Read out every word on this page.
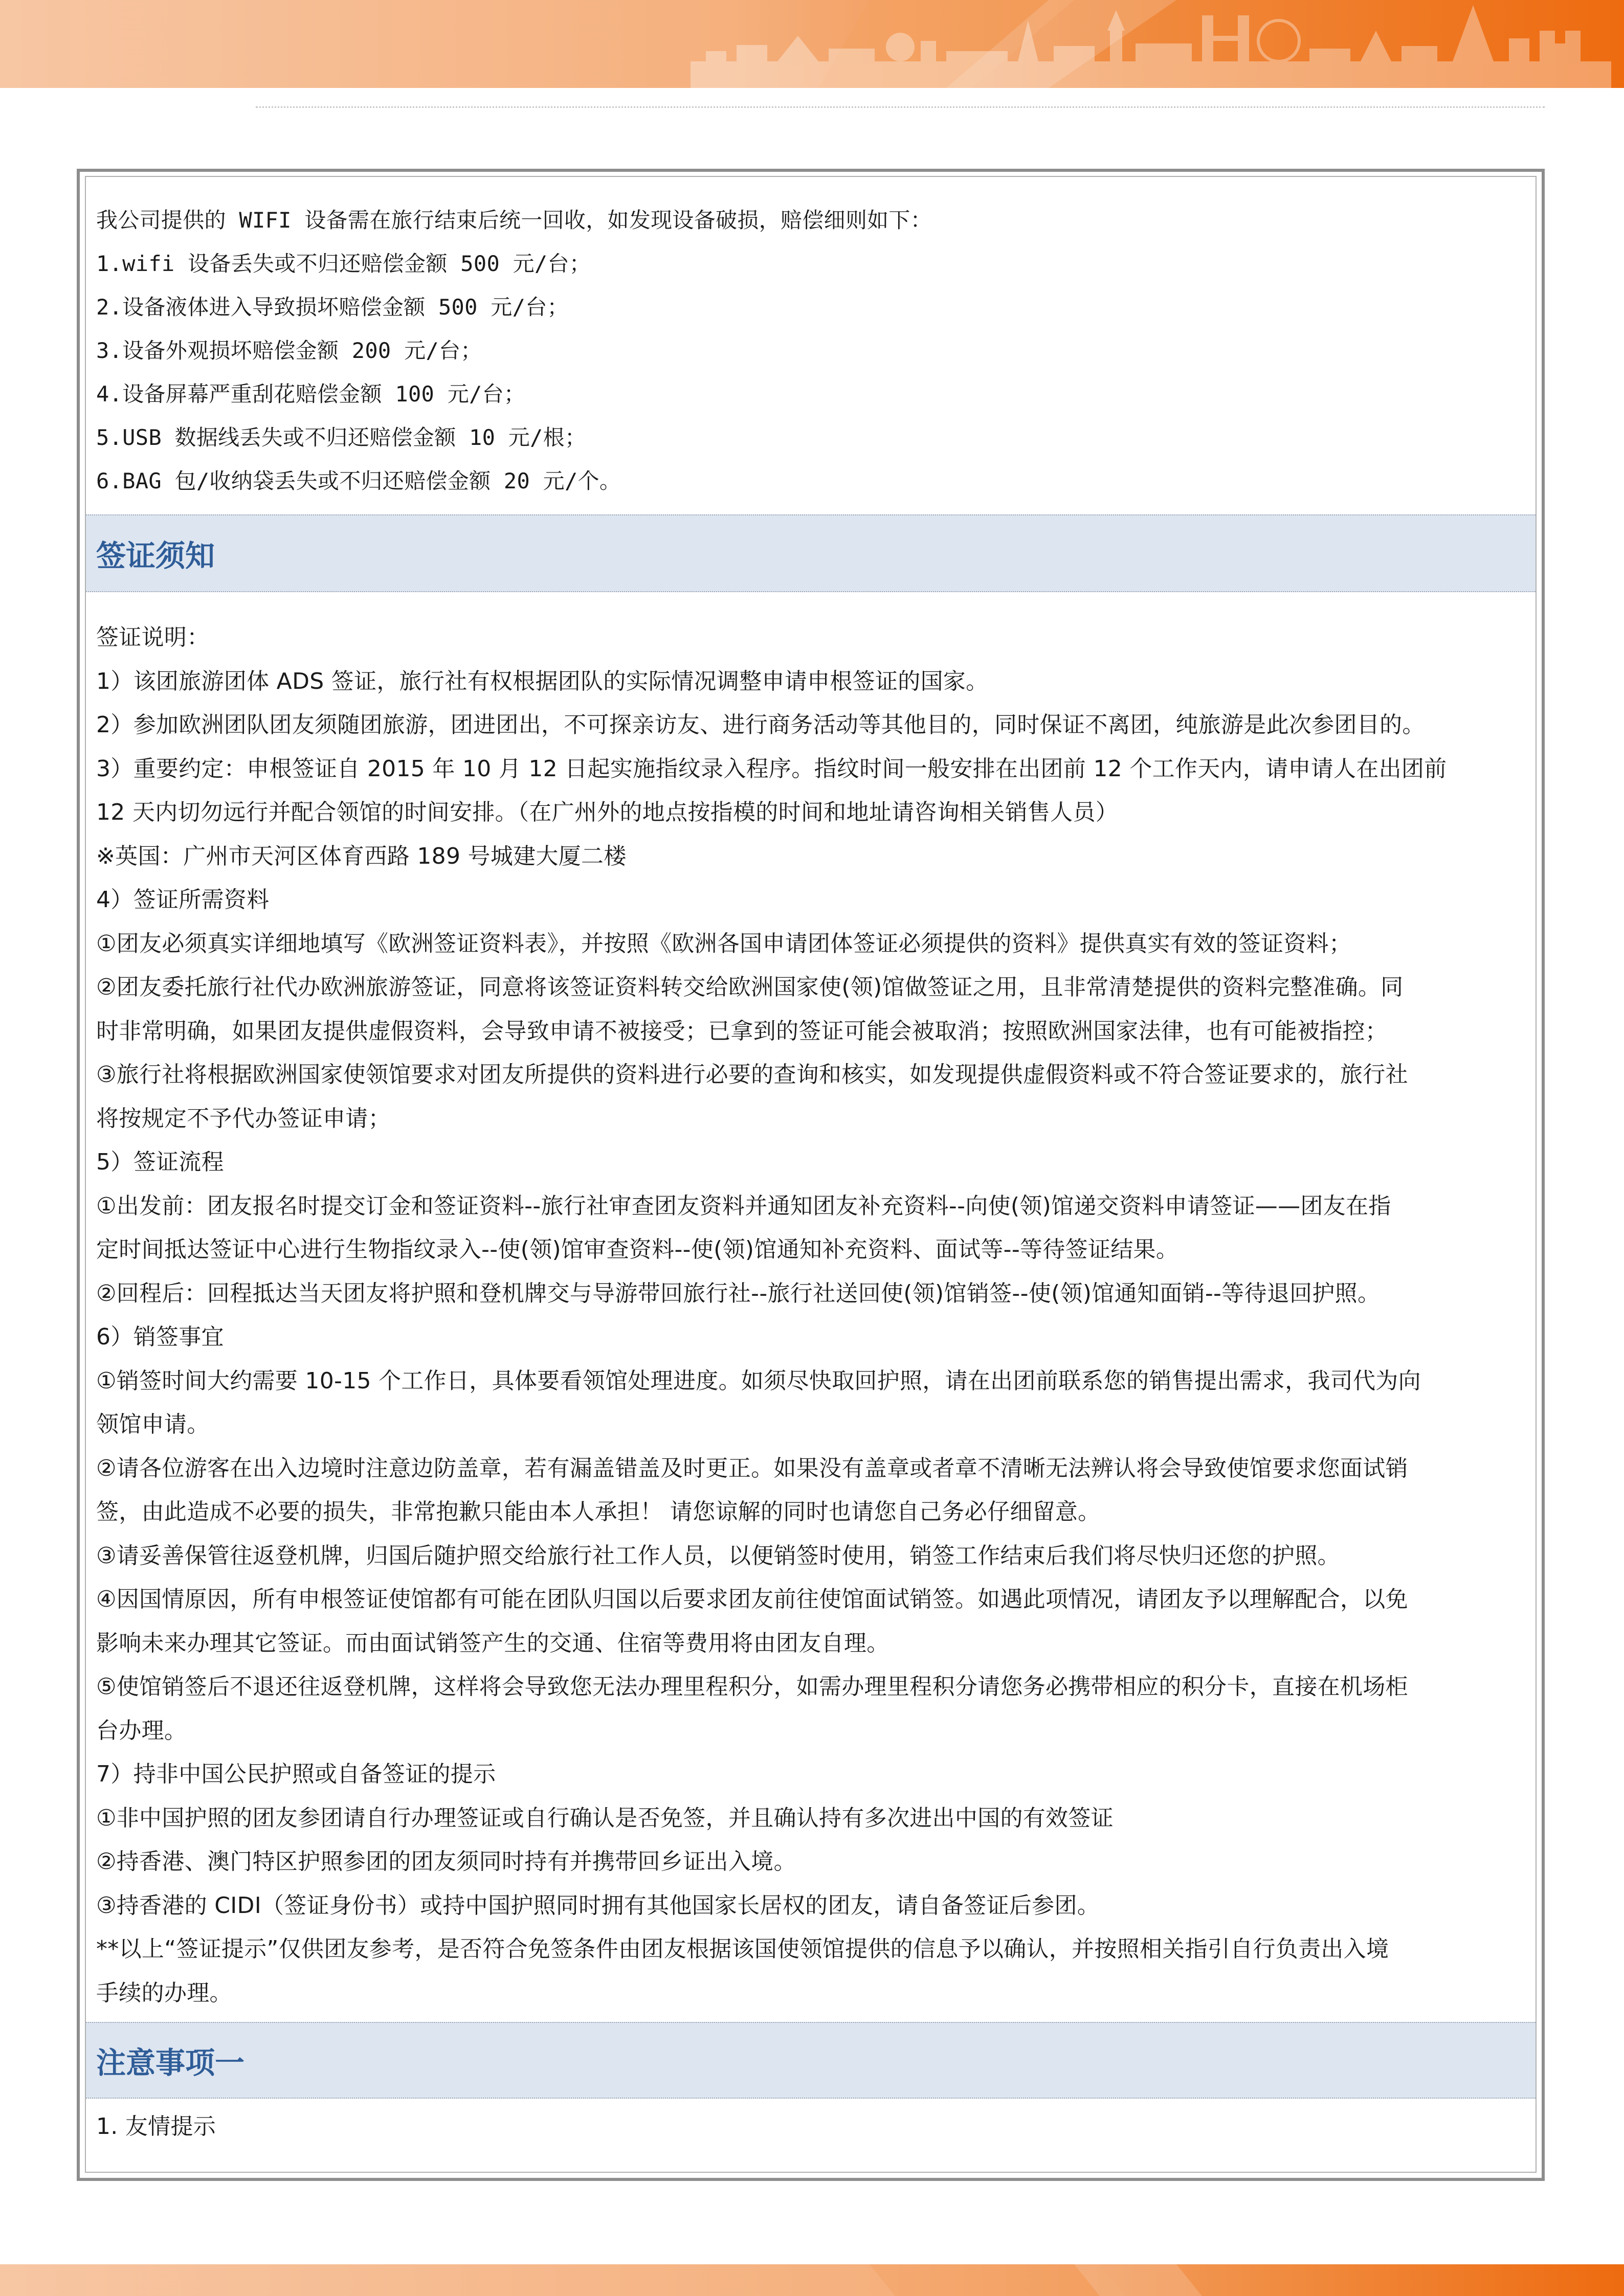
我公司提供的 WIFI 设备需在旅行结束后统一回收，如发现设备破损，赔偿细则如下：

1.wifi 设备丢失或不归还赔偿金额 500 元/台；

2.设备液体进入导致损坏赔偿金额 500 元/台；

3.设备外观损坏赔偿金额 200 元/台；

4.设备屏幕严重刮花赔偿金额 100 元/台；

5.USB 数据线丢失或不归还赔偿金额 10 元/根；

6.BAG 包/收纳袋丢失或不归还赔偿金额 20 元/个。

签证须知

签证说明：

1）该团旅游团体 ADS 签证，旅行社有权根据团队的实际情况调整申请申根签证的国家。

2）参加欧洲团队团友须随团旅游，团进团出，不可探亲访友、进行商务活动等其他目的，同时保证不离团，纯旅游是此次参团目的。

3）重要约定：申根签证自 2015 年 10 月 12 日起实施指纹录入程序。指纹时间一般安排在出团前 12 个工作天内，请申请人在出团前

12 天内切勿远行并配合领馆的时间安排。（在广州外的地点按指模的时间和地址请咨询相关销售人员）

※英国：广州市天河区体育西路 189 号城建大厦二楼

4）签证所需资料

①团友必须真实详细地填写《欧洲签证资料表》，并按照《欧洲各国申请团体签证必须提供的资料》提供真实有效的签证资料；

②团友委托旅行社代办欧洲旅游签证，同意将该签证资料转交给欧洲国家使(领)馆做签证之用，且非常清楚提供的资料完整准确。同

时非常明确，如果团友提供虚假资料，会导致申请不被接受；已拿到的签证可能会被取消；按照欧洲国家法律，也有可能被指控；

③旅行社将根据欧洲国家使领馆要求对团友所提供的资料进行必要的查询和核实，如发现提供虚假资料或不符合签证要求的，旅行社

将按规定不予代办签证申请；

5）签证流程

①出发前：团友报名时提交订金和签证资料--旅行社审查团友资料并通知团友补充资料--向使(领)馆递交资料申请签证——团友在指

定时间抵达签证中心进行生物指纹录入--使(领)馆审查资料--使(领)馆通知补充资料、面试等--等待签证结果。

②回程后：回程抵达当天团友将护照和登机牌交与导游带回旅行社--旅行社送回使(领)馆销签--使(领)馆通知面销--等待退回护照。

6）销签事宜

①销签时间大约需要 10-15 个工作日，具体要看领馆处理进度。如须尽快取回护照，请在出团前联系您的销售提出需求，我司代为向

领馆申请。

②请各位游客在出入边境时注意边防盖章，若有漏盖错盖及时更正。如果没有盖章或者章不清晰无法辨认将会导致使馆要求您面试销

签，由此造成不必要的损失，非常抱歉只能由本人承担！ 请您谅解的同时也请您自己务必仔细留意。

③请妥善保管往返登机牌，归国后随护照交给旅行社工作人员，以便销签时使用，销签工作结束后我们将尽快归还您的护照。

④因国情原因，所有申根签证使馆都有可能在团队归国以后要求团友前往使馆面试销签。如遇此项情况，请团友予以理解配合，以免

影响未来办理其它签证。而由面试销签产生的交通、住宿等费用将由团友自理。

⑤使馆销签后不退还往返登机牌，这样将会导致您无法办理里程积分，如需办理里程积分请您务必携带相应的积分卡，直接在机场柜

台办理。

7）持非中国公民护照或自备签证的提示

①非中国护照的团友参团请自行办理签证或自行确认是否免签，并且确认持有多次进出中国的有效签证

②持香港、澳门特区护照参团的团友须同时持有并携带回乡证出入境。

③持香港的 CIDI（签证身份书）或持中国护照同时拥有其他国家长居权的团友，请自备签证后参团。

**以上“签证提示”仅供团友参考，是否符合免签条件由团友根据该国使领馆提供的信息予以确认，并按照相关指引自行负责出入境

手续的办理。

注意事项一

1. 友情提示
